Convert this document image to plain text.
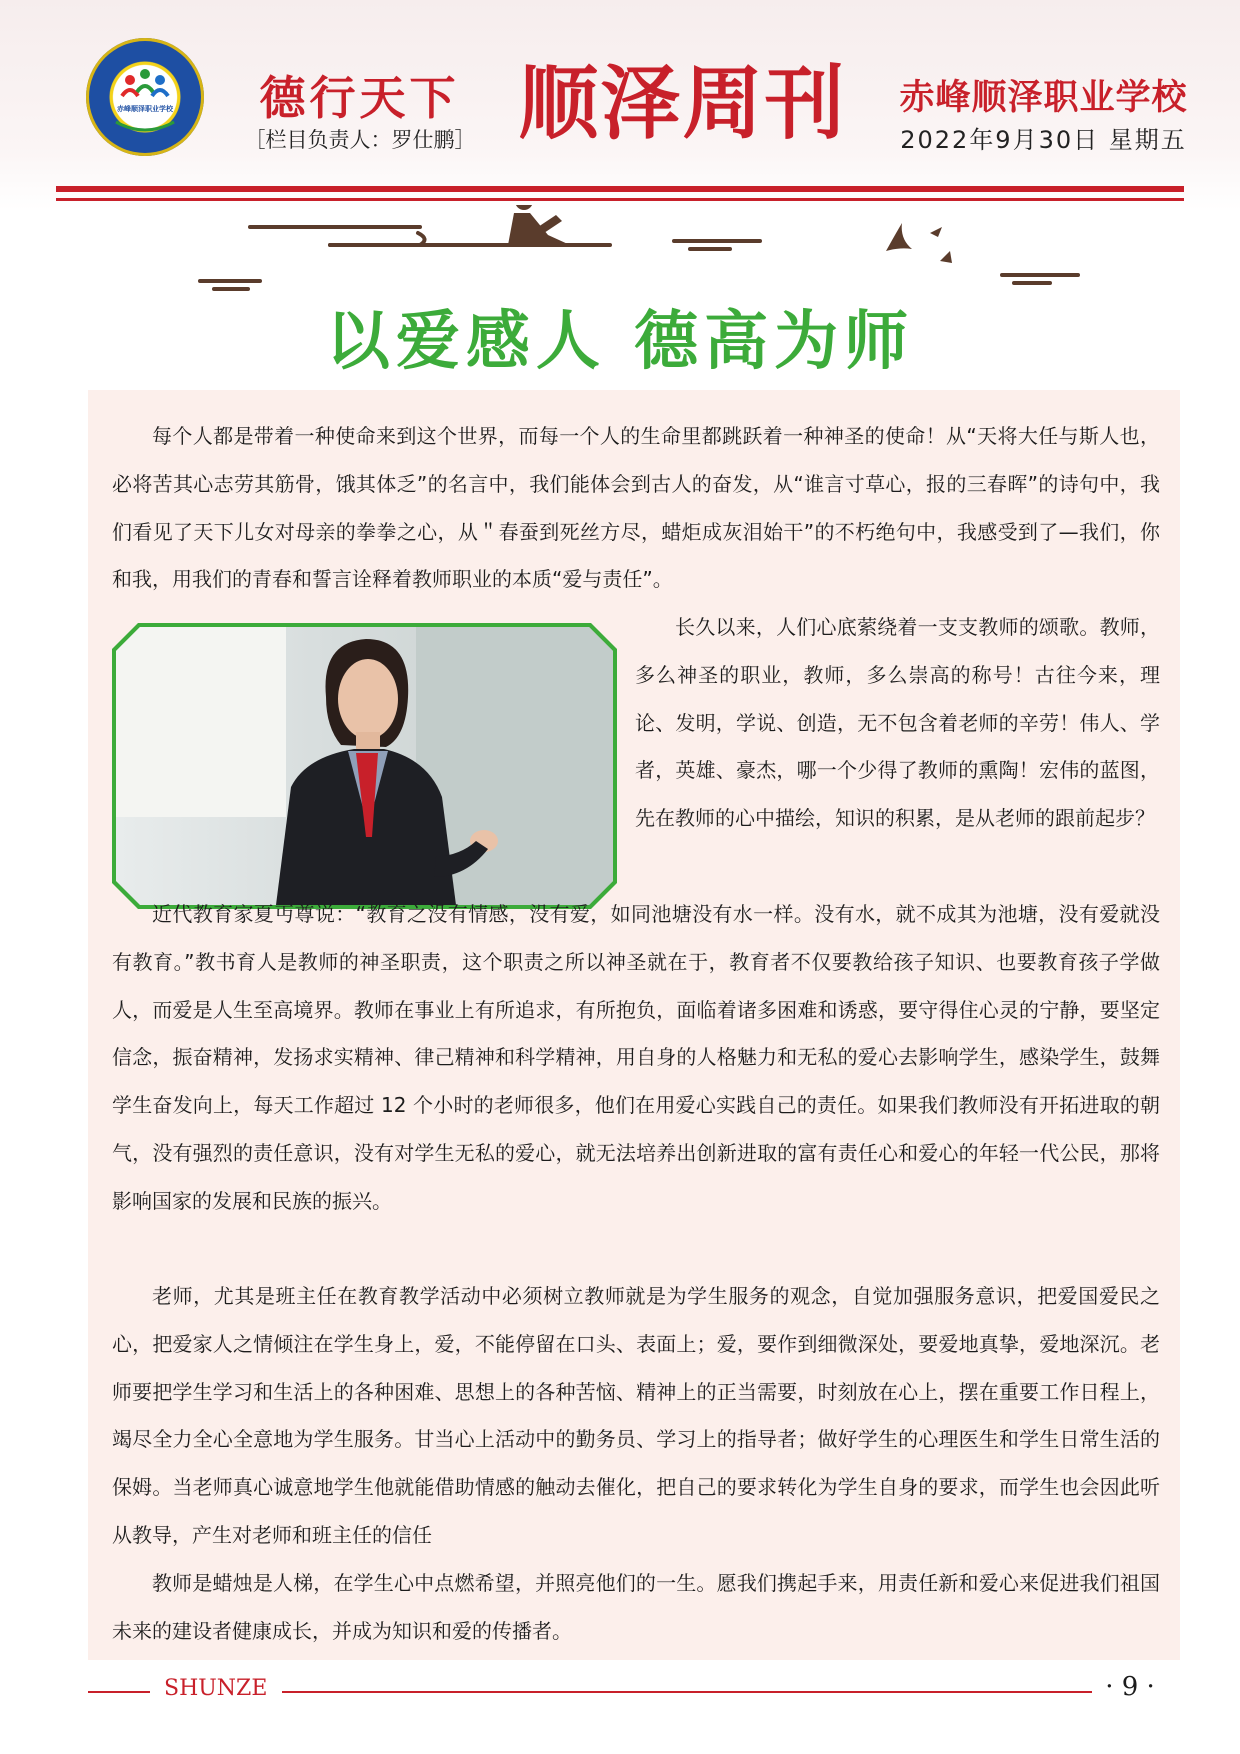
赤峰顺泽职业学校	德行天下
［栏目负责人：罗仕鹏］ 顺泽周刊	赤峰顺泽职业学校
2022年9月30日 星期五
以爱感人 德高为师

每个人都是带着一种使命来到这个世界，而每一个人的生命里都跳跃着一种神圣的使命！从“天将大任与斯人也，必将苦其心志劳其筋骨，饿其体乏”的名言中，我们能体会到古人的奋发，从“谁言寸草心，报的三春晖”的诗句中，我们看见了天下儿女对母亲的拳拳之心，从＂春蚕到死丝方尽，蜡炬成灰泪始干”的不朽绝句中，我感受到了—我们，你和我，用我们的青春和誓言诠释着教师职业的本质“爱与责任”。

长久以来，人们心底萦绕着一支支教师的颂歌。教师，多么神圣的职业，教师，多么崇高的称号！古往今来，理论、发明，学说、创造，无不包含着老师的辛劳！伟人、学者，英雄、豪杰，哪一个少得了教师的熏陶！宏伟的蓝图，先在教师的心中描绘，知识的积累，是从老师的跟前起步？

近代教育家夏丏尊说：“教育之没有情感，没有爱，如同池塘没有水一样。没有水，就不成其为池塘，没有爱就没有教育。”教书育人是教师的神圣职责，这个职责之所以神圣就在于，教育者不仅要教给孩子知识、也要教育孩子学做人，而爱是人生至高境界。教师在事业上有所追求，有所抱负，面临着诸多困难和诱惑，要守得住心灵的宁静，要坚定信念，振奋精神，发扬求实精神、律己精神和科学精神，用自身的人格魅力和无私的爱心去影响学生，感染学生，鼓舞学生奋发向上，每天工作超过 12 个小时的老师很多，他们在用爱心实践自己的责任。如果我们教师没有开拓进取的朝气，没有强烈的责任意识，没有对学生无私的爱心，就无法培养出创新进取的富有责任心和爱心的年轻一代公民，那将影响国家的发展和民族的振兴。

老师，尤其是班主任在教育教学活动中必须树立教师就是为学生服务的观念，自觉加强服务意识，把爱国爱民之心，把爱家人之情倾注在学生身上，爱，不能停留在口头、表面上；爱，要作到细微深处，要爱地真挚，爱地深沉。老师要把学生学习和生活上的各种困难、思想上的各种苦恼、精神上的正当需要，时刻放在心上，摆在重要工作日程上，竭尽全力全心全意地为学生服务。甘当心上活动中的勤务员、学习上的指导者；做好学生的心理医生和学生日常生活的保姆。当老师真心诚意地学生他就能借助情感的触动去催化，把自己的要求转化为学生自身的要求，而学生也会因此听从教导，产生对老师和班主任的信任

教师是蜡烛是人梯，在学生心中点燃希望，并照亮他们的一生。愿我们携起手来，用责任新和爱心来促进我们祖国未来的建设者健康成长，并成为知识和爱的传播者。

SHUNZE	· 9 ·
